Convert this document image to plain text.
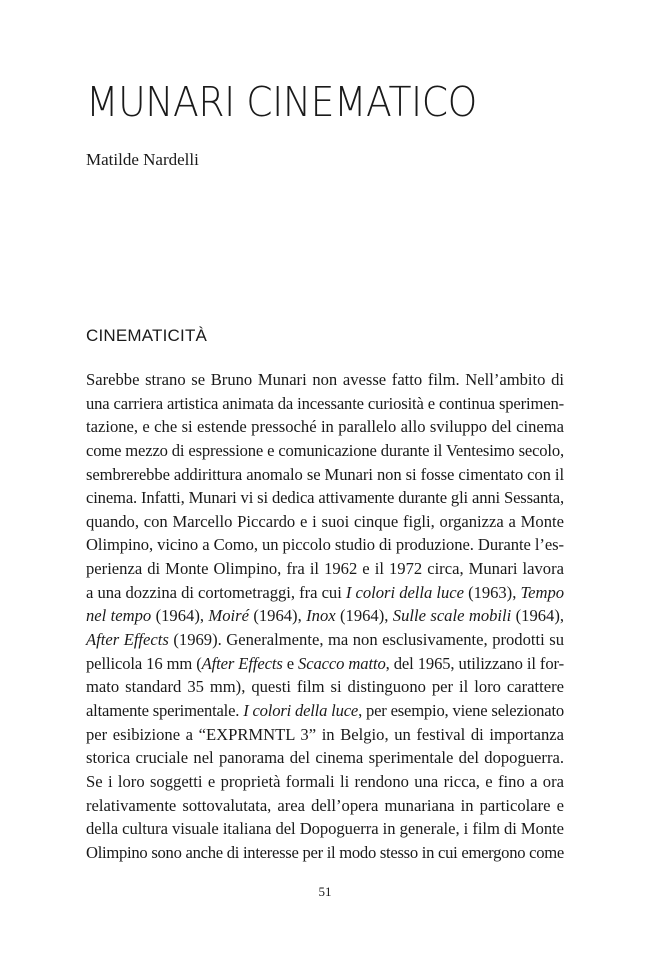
MUNARI CINEMATICO

Matilde Nardelli

CINEMATICITÀ
Sarebbe strano se Bruno Munari non avesse fatto film. Nell’ambito di
una carriera artistica animata da incessante curiosità e continua sperimen-
tazione, e che si estende pressoché in parallelo allo sviluppo del cinema
come mezzo di espressione e comunicazione durante il Ventesimo secolo,
sembrerebbe addirittura anomalo se Munari non si fosse cimentato con il
cinema. Infatti, Munari vi si dedica attivamente durante gli anni Sessanta,
quando, con Marcello Piccardo e i suoi cinque figli, organizza a Monte
Olimpino, vicino a Como, un piccolo studio di produzione. Durante l’es-
perienza di Monte Olimpino, fra il 1962 e il 1972 circa, Munari lavora
a una dozzina di cortometraggi, fra cui I colori della luce (1963), Tempo
nel tempo (1964), Moiré (1964), Inox (1964), Sulle scale mobili (1964),
After Effects (1969). Generalmente, ma non esclusivamente, prodotti su
pellicola 16 mm (After Effects e Scacco matto, del 1965, utilizzano il for-
mato standard 35 mm), questi film si distinguono per il loro carattere
altamente sperimentale. I colori della luce, per esempio, viene selezionato
per esibizione a “EXPRMNTL 3” in Belgio, un festival di importanza
storica cruciale nel panorama del cinema sperimentale del dopoguerra.
Se i loro soggetti e proprietà formali li rendono una ricca, e fino a ora
relativamente sottovalutata, area dell’opera munariana in particolare e
della cultura visuale italiana del Dopoguerra in generale, i film di Monte
Olimpino sono anche di interesse per il modo stesso in cui emergono come
51
